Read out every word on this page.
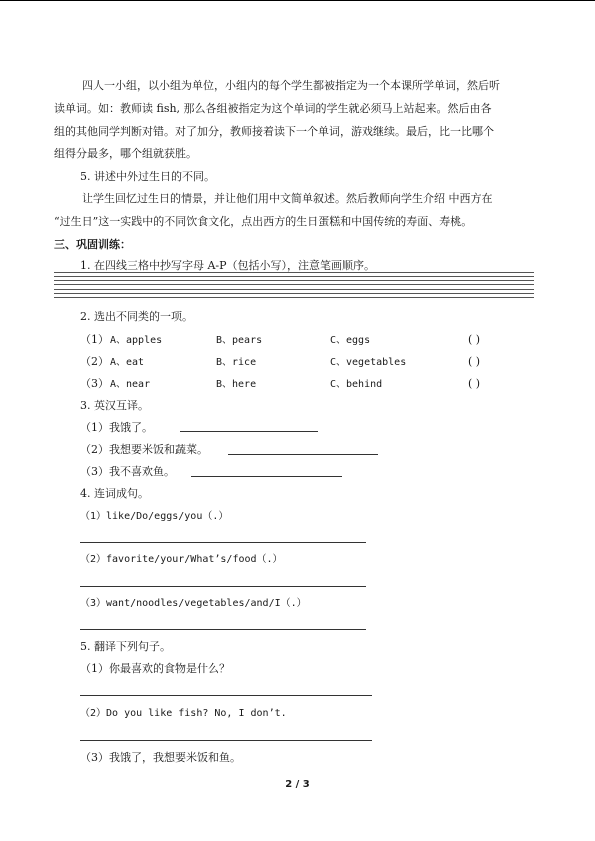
四人一小组，以小组为单位，小组内的每个学生都被指定为一个本课所学单词，然后听
读单词。如：教师读 fish, 那么各组被指定为这个单词的学生就必须马上站起来。然后由各
组的其他同学判断对错。对了加分，教师接着读下一个单词，游戏继续。最后，比一比哪个
组得分最多，哪个组就获胜。
5. 讲述中外过生日的不同。
让学生回忆过生日的情景，并让他们用中文简单叙述。然后教师向学生介绍 中西方在
“过生日”这一实践中的不同饮食文化，点出西方的生日蛋糕和中国传统的寿面、寿桃。
三、巩固训练：
1. 在四线三格中抄写字母 A-P（包括小写），注意笔画顺序。
2. 选出不同类的一项。
（1） A、apples	B、pears	C、eggs	( )
（2） A、eat	B、rice	C、vegetables	( )
（3） A、near	B、here	C、behind	( )
3. 英汉互译。
（1）我饿了。
（2）我想要米饭和蔬菜。
（3）我不喜欢鱼。
4. 连词成句。
（1）like/Do/eggs/you（.）
（2）favorite/your/What’s/food（.）
（3）want/noodles/vegetables/and/I（.）
5. 翻译下列句子。
（1）你最喜欢的食物是什么？
（2）Do you like fish? No, I don’t.
（3）我饿了，我想要米饭和鱼。
2 / 3
